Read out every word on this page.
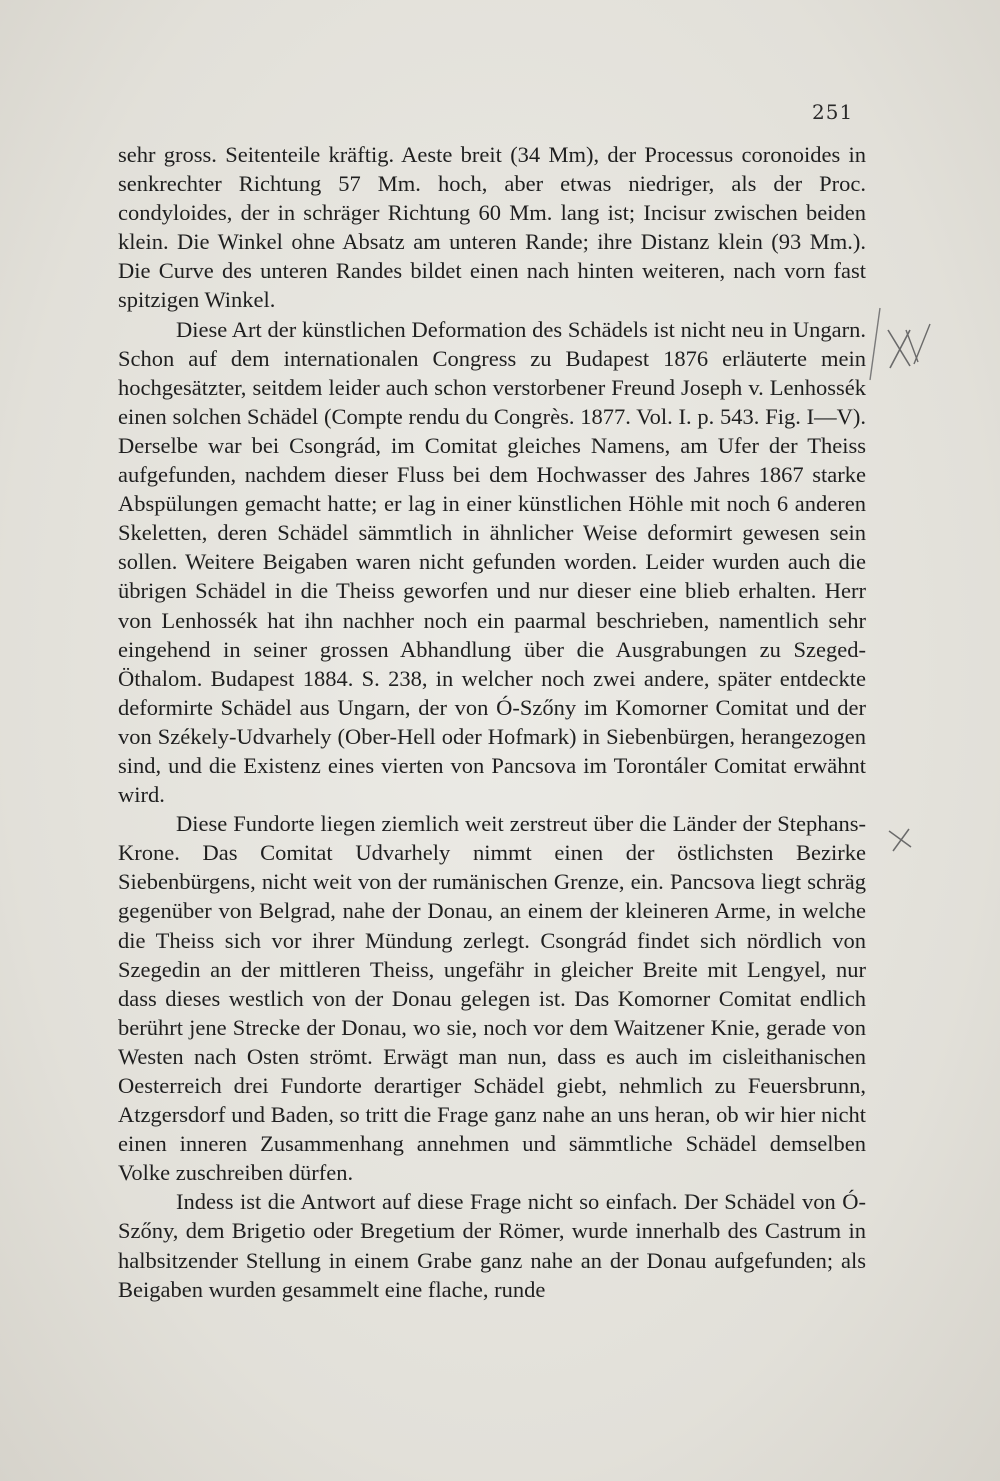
251

sehr gross. Seitenteile kräftig. Aeste breit (34 Mm), der Processus coronoides in senkrechter Richtung 57 Mm. hoch, aber etwas niedriger, als der Proc. condyloides, der in schräger Richtung 60 Mm. lang ist; Incisur zwischen beiden klein. Die Winkel ohne Absatz am unteren Rande; ihre Distanz klein (93 Mm.). Die Curve des unteren Randes bildet einen nach hinten weiteren, nach vorn fast spitzigen Winkel.

Diese Art der künstlichen Deformation des Schädels ist nicht neu in Ungarn. Schon auf dem internationalen Congress zu Budapest 1876 erläuterte mein hochgesätzter, seitdem leider auch schon verstorbener Freund Joseph v. Lenhossék einen solchen Schädel (Compte rendu du Congrès. 1877. Vol. I. p. 543. Fig. I—V). Derselbe war bei Csongrád, im Comitat gleiches Namens, am Ufer der Theiss aufgefunden, nachdem dieser Fluss bei dem Hochwasser des Jahres 1867 starke Abspülungen gemacht hatte; er lag in einer künstlichen Höhle mit noch 6 anderen Skeletten, deren Schädel sämmtlich in ähnlicher Weise deformirt gewesen sein sollen. Weitere Beigaben waren nicht gefunden worden. Leider wurden auch die übrigen Schädel in die Theiss geworfen und nur dieser eine blieb erhalten. Herr von Lenhossék hat ihn nachher noch ein paarmal beschrieben, namentlich sehr eingehend in seiner grossen Abhandlung über die Ausgrabungen zu Szeged-Öthalom. Budapest 1884. S. 238, in welcher noch zwei andere, später entdeckte deformirte Schädel aus Ungarn, der von Ó-Szőny im Komorner Comitat und der von Székely-Udvarhely (Ober-Hell oder Hofmark) in Siebenbürgen, herangezogen sind, und die Existenz eines vierten von Pancsova im Torontáler Comitat erwähnt wird.

Diese Fundorte liegen ziemlich weit zerstreut über die Länder der Stephans-Krone. Das Comitat Udvarhely nimmt einen der östlichsten Bezirke Siebenbürgens, nicht weit von der rumänischen Grenze, ein. Pancsova liegt schräg gegenüber von Belgrad, nahe der Donau, an einem der kleineren Arme, in welche die Theiss sich vor ihrer Mündung zerlegt. Csongrád findet sich nördlich von Szegedin an der mittleren Theiss, ungefähr in gleicher Breite mit Lengyel, nur dass dieses westlich von der Donau gelegen ist. Das Komorner Comitat endlich berührt jene Strecke der Donau, wo sie, noch vor dem Waitzener Knie, gerade von Westen nach Osten strömt. Erwägt man nun, dass es auch im cisleithanischen Oesterreich drei Fundorte derartiger Schädel giebt, nehmlich zu Feuersbrunn, Atzgersdorf und Baden, so tritt die Frage ganz nahe an uns heran, ob wir hier nicht einen inneren Zusammenhang annehmen und sämmtliche Schädel demselben Volke zuschreiben dürfen.

Indess ist die Antwort auf diese Frage nicht so einfach. Der Schädel von Ó-Szőny, dem Brigetio oder Bregetium der Römer, wurde innerhalb des Castrum in halbsitzender Stellung in einem Grabe ganz nahe an der Donau aufgefunden; als Beigaben wurden gesammelt eine flache, runde
